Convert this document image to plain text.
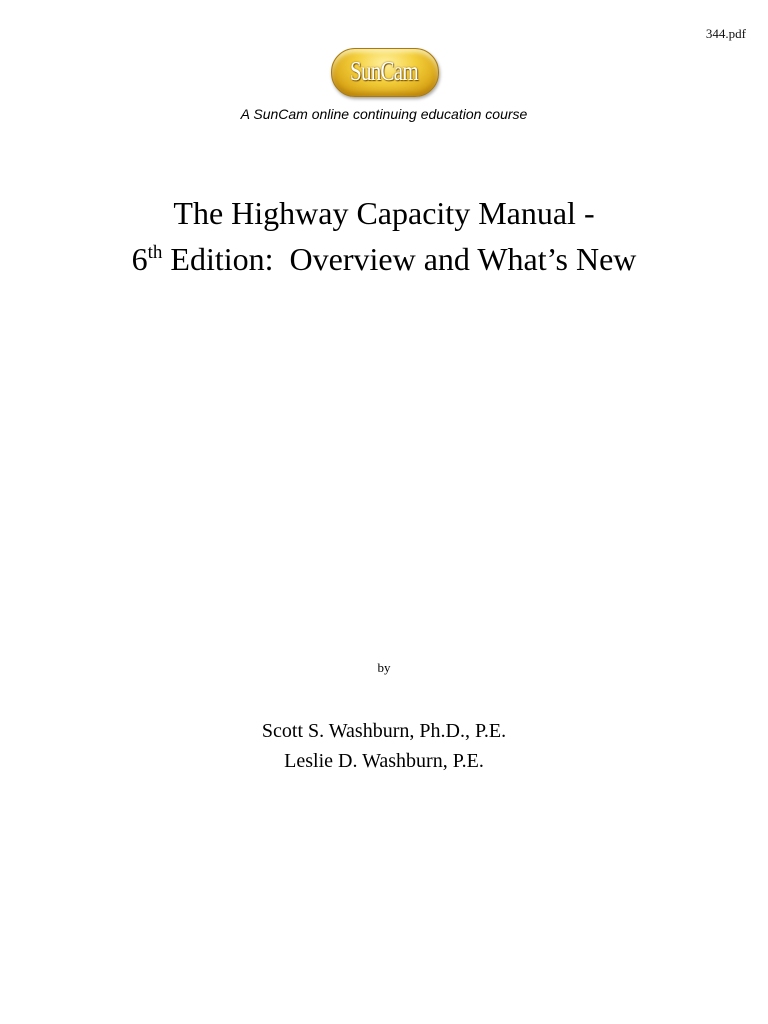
344.pdf
SunCam
A SunCam online continuing education course
The Highway Capacity Manual -
6th Edition:  Overview and What’s New
by
Scott S. Washburn, Ph.D., P.E.
Leslie D. Washburn, P.E.
